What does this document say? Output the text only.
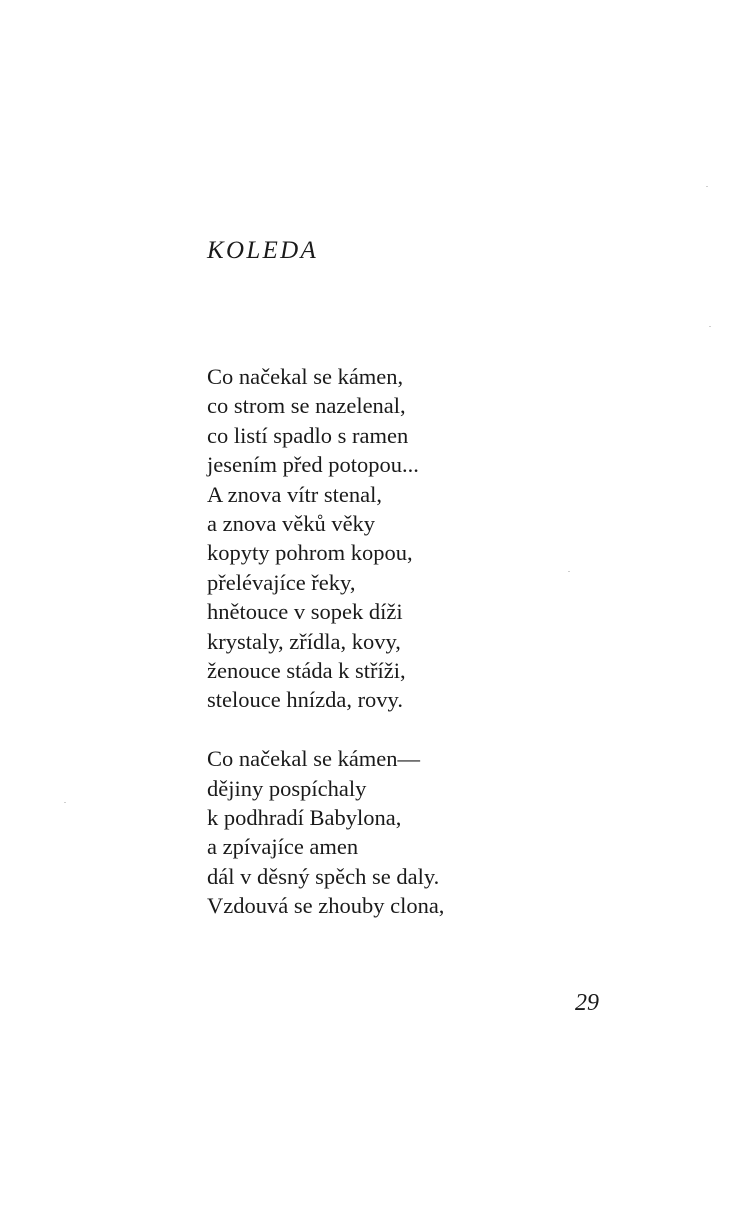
KOLEDA
Co načekal se kámen,
co strom se nazelenal,
co listí spadlo s ramen
jesením před potopou...
A znova vítr stenal,
a znova věků věky
kopyty pohrom kopou,
přelévajíce řeky,
hnětouce v sopek díži
krystaly, zřídla, kovy,
ženouce stáda k stříži,
stelouce hnízda, rovy.
Co načekal se kámen—
dějiny pospíchaly
k podhradí Babylona,
a zpívajíce amen
dál v děsný spěch se daly.
Vzdouvá se zhouby clona,
29
